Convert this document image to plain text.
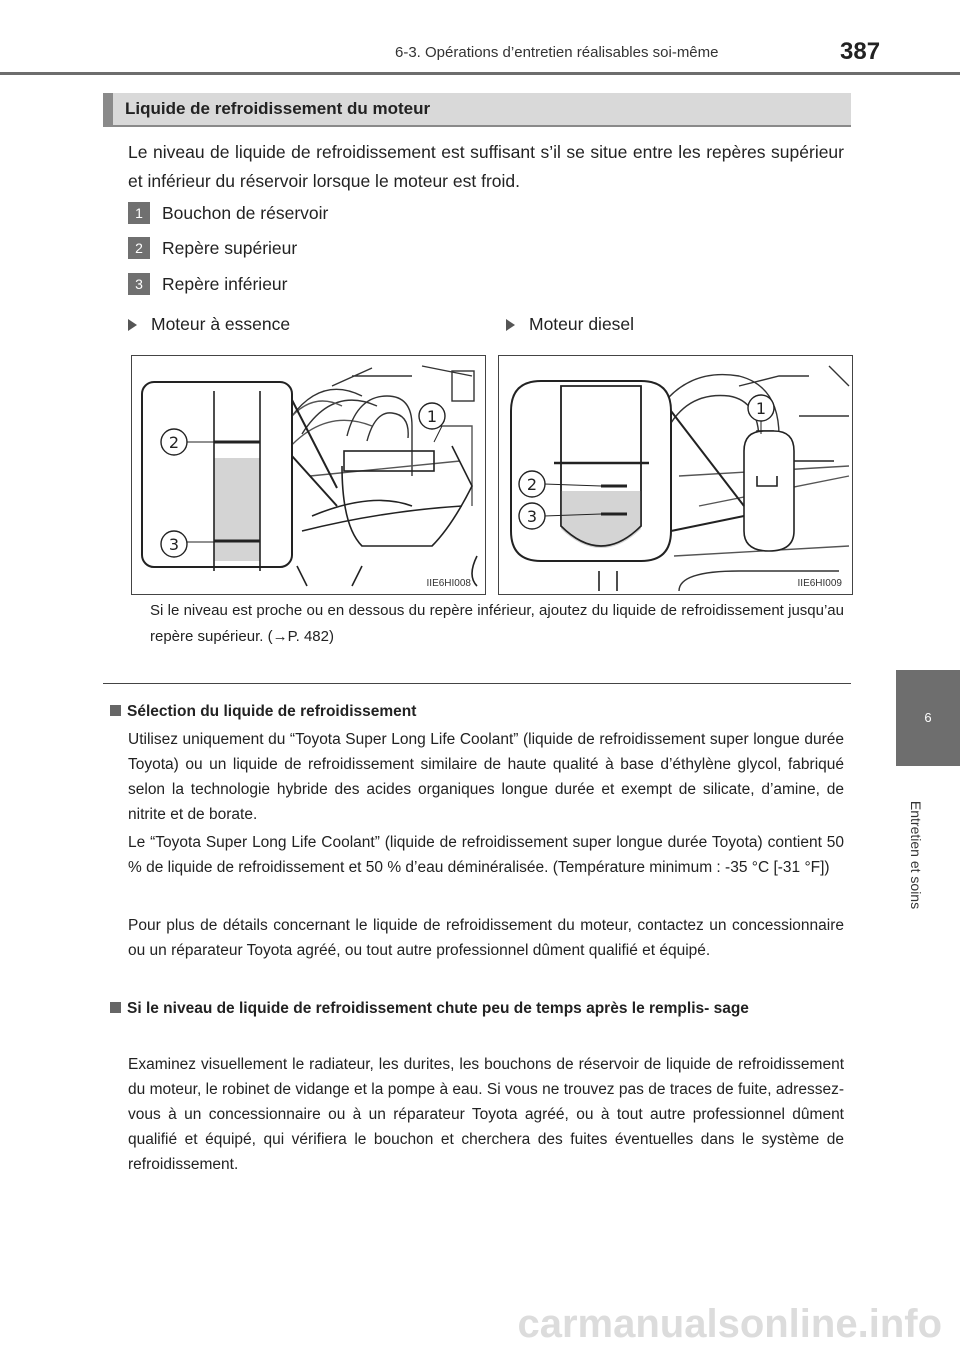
6-3. Opérations d’entretien réalisables soi-même	387
6
Entretien et soins
Liquide de refroidissement du moteur
Le niveau de liquide de refroidissement est suffisant s’il se situe entre les repères supérieur et inférieur du réservoir lorsque le moteur est froid.
1 Bouchon de réservoir
2 Repère supérieur
3 Repère inférieur
Moteur à essence	Moteur diesel
2
3
1
IIE6HI008
2
3
1
IIE6HI009
Si le niveau est proche ou en dessous du repère inférieur, ajoutez du liquide de refroidissement jusqu’au repère supérieur. (→P. 482)
Sélection du liquide de refroidissement
Utilisez uniquement du “Toyota Super Long Life Coolant” (liquide de refroidissement super longue durée Toyota) ou un liquide de refroidissement similaire de haute qualité à base d’éthylène glycol, fabriqué selon la technologie hybride des acides organiques longue durée et exempt de silicate, d’amine, de nitrite et de borate.
Le “Toyota Super Long Life Coolant” (liquide de refroidissement super longue durée Toyota) contient 50 % de liquide de refroidissement et 50 % d’eau déminéralisée. (Température minimum : -35 °C [-31 °F])
Pour plus de détails concernant le liquide de refroidissement du moteur, contactez un concessionnaire ou un réparateur Toyota agréé, ou tout autre professionnel dûment qualifié et équipé.
Si le niveau de liquide de refroidissement chute peu de temps après le remplis- sage
Examinez visuellement le radiateur, les durites, les bouchons de réservoir de liquide de refroidissement du moteur, le robinet de vidange et la pompe à eau. Si vous ne trouvez pas de traces de fuite, adressez-vous à un concessionnaire ou à un réparateur Toyota agréé, ou à tout autre professionnel dûment qualifié et équipé, qui vérifiera le bouchon et cherchera des fuites éventuelles dans le système de refroidissement.
carmanualsonline.info
